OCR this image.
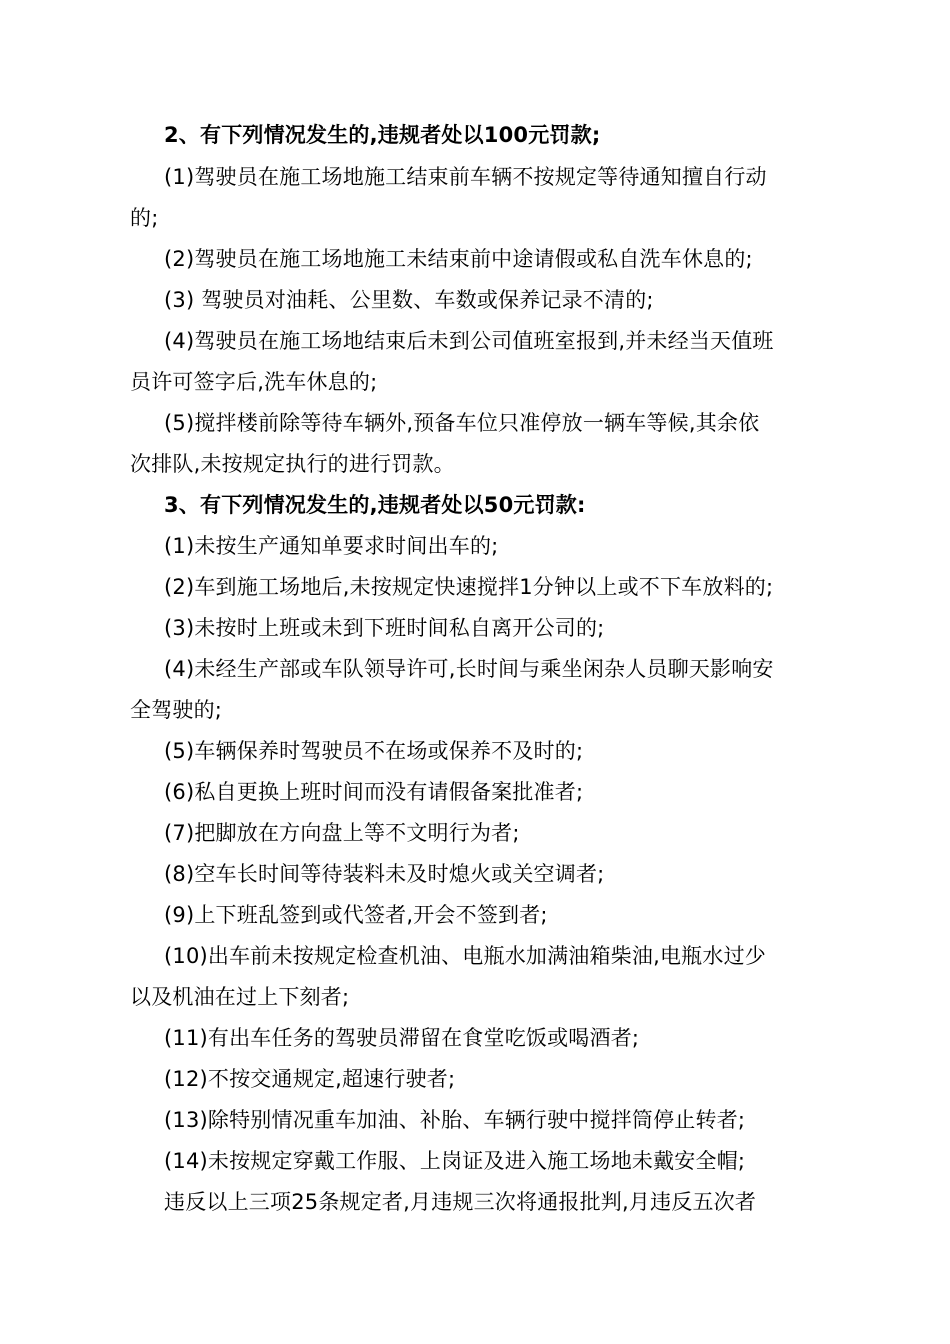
2、有下列情况发生的,违规者处以100元罚款;
(1)驾驶员在施工场地施工结束前车辆不按规定等待通知擅自行动
的;
(2)驾驶员在施工场地施工未结束前中途请假或私自洗车休息的;
(3) 驾驶员对油耗、公里数、车数或保养记录不清的;
(4)驾驶员在施工场地结束后未到公司值班室报到,并未经当天值班
员许可签字后,洗车休息的;
(5)搅拌楼前除等待车辆外,预备车位只准停放一辆车等候,其余依
次排队,未按规定执行的进行罚款。
3、有下列情况发生的,违规者处以50元罚款:
(1)未按生产通知单要求时间出车的;
(2)车到施工场地后,未按规定快速搅拌1分钟以上或不下车放料的;
(3)未按时上班或未到下班时间私自离开公司的;
(4)未经生产部或车队领导许可,长时间与乘坐闲杂人员聊天影响安
全驾驶的;
(5)车辆保养时驾驶员不在场或保养不及时的;
(6)私自更换上班时间而没有请假备案批准者;
(7)把脚放在方向盘上等不文明行为者;
(8)空车长时间等待装料未及时熄火或关空调者;
(9)上下班乱签到或代签者,开会不签到者;
(10)出车前未按规定检查机油、电瓶水加满油箱柴油,电瓶水过少
以及机油在过上下刻者;
(11)有出车任务的驾驶员滞留在食堂吃饭或喝酒者;
(12)不按交通规定,超速行驶者;
(13)除特别情况重车加油、补胎、车辆行驶中搅拌筒停止转者;
(14)未按规定穿戴工作服、上岗证及进入施工场地未戴安全帽;
违反以上三项25条规定者,月违规三次将通报批判,月违反五次者
